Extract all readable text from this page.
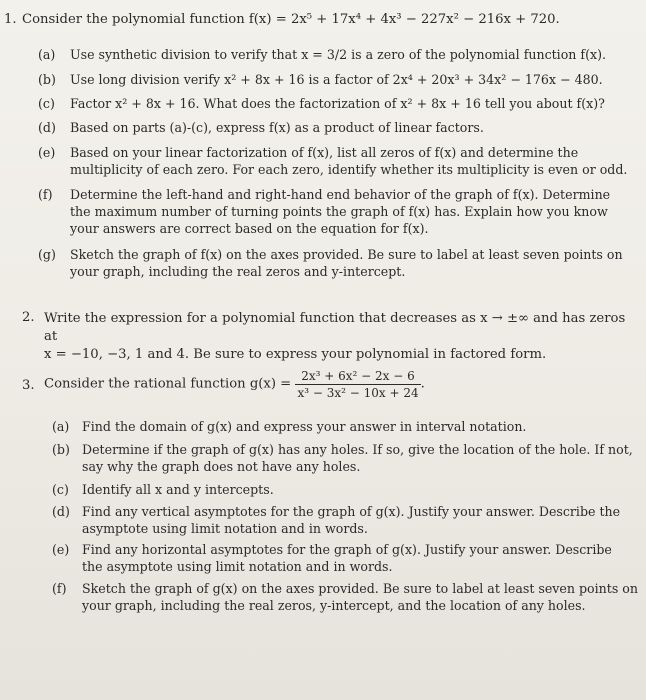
1. Consider the polynomial function f(x) = 2x⁵ + 17x⁴ + 4x³ − 227x² − 216x + 720.
(a)	Use synthetic division to verify that x = 3/2 is a zero of the polynomial function f(x).
(b)	Use long division verify x² + 8x + 16 is a factor of 2x⁴ + 20x³ + 34x² − 176x − 480.
(c)	Factor x² + 8x + 16. What does the factorization of x² + 8x + 16 tell you about f(x)?
(d)	Based on parts (a)-(c), express f(x) as a product of linear factors.
(e)	Based on your linear factorization of f(x), list all zeros of f(x) and determine the
multiplicity of each zero. For each zero, identify whether its multiplicity is even or odd.
(f)	Determine the left-hand and right-hand end behavior of the graph of f(x). Determine
the maximum number of turning points the graph of f(x) has. Explain how you know
your answers are correct based on the equation for f(x).
(g)	Sketch the graph of f(x) on the axes provided. Be sure to label at least seven points on
your graph, including the real zeros and y-intercept.
2. Write the expression for a polynomial function that decreases as x → ±∞ and has zeros at
x = −10, −3, 1 and 4. Be sure to express your polynomial in factored form.
3. Consider the rational function $g(x) = \frac{\text{2x³ + 6x² − 2x − 6}}{\text{x³ − 3x² − 10x + 24}}$ .
(a)	Find the domain of g(x) and express your answer in interval notation.
(b) Determine if the graph of g(x) has any holes. If so, give the location of the hole. If not,
say why the graph does not have any holes.
(c)	Identify all x and y intercepts.
(d) Find any vertical asymptotes for the graph of g(x). Justify your answer. Describe the
asymptote using limit notation and in words.
(e)	Find any horizontal asymptotes for the graph of g(x). Justify your answer. Describe
the asymptote using limit notation and in words.
(f)	Sketch the graph of g(x) on the axes provided. Be sure to label at least seven points on
your graph, including the real zeros, y-intercept, and the location of any holes.
